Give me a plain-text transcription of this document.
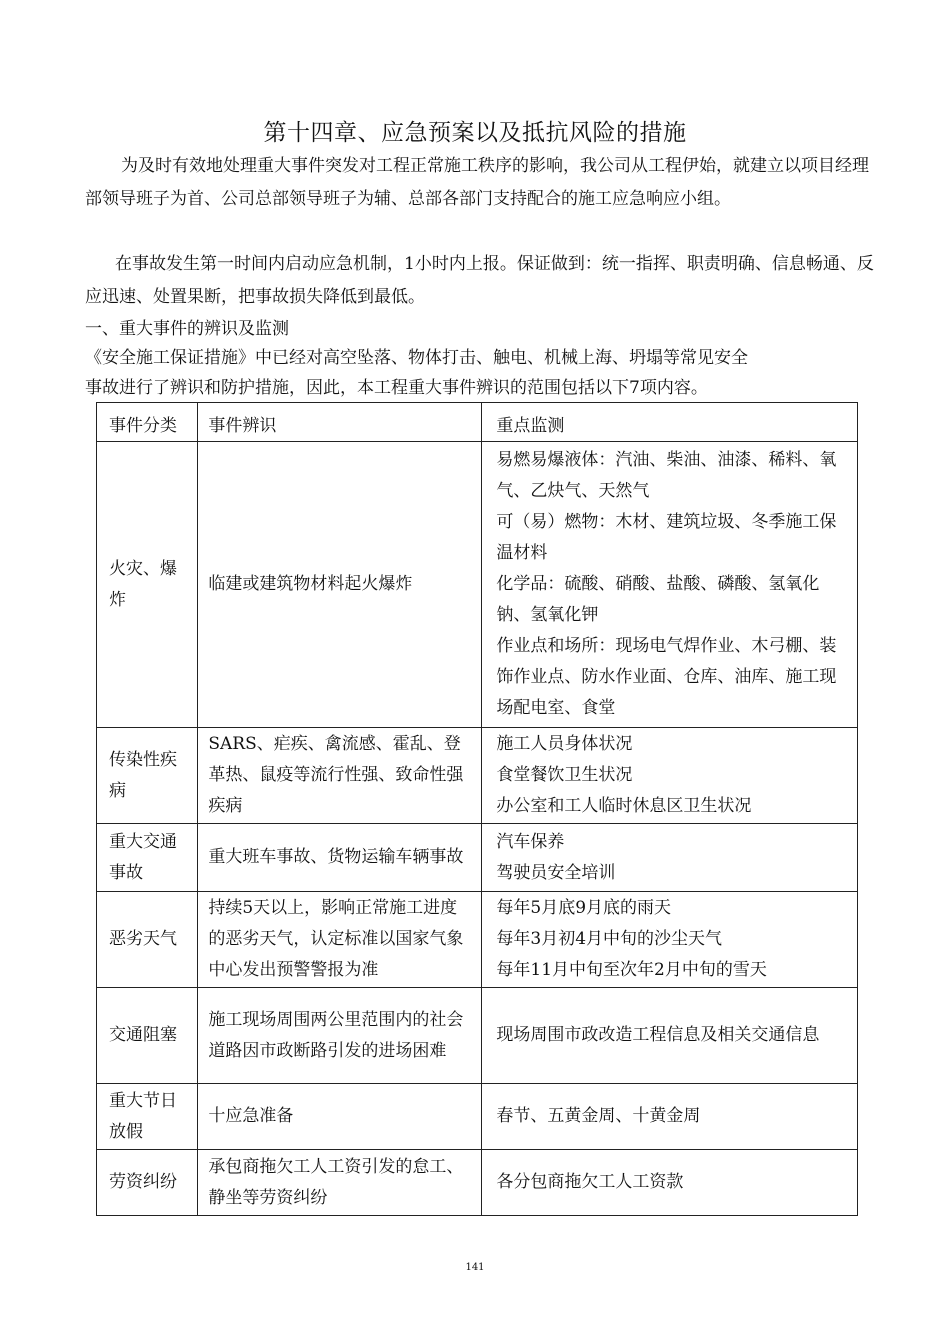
第十四章、应急预案以及抵抗风险的措施
为及时有效地处理重大事件突发对工程正常施工秩序的影响，我公司从工程伊始，就建立以项目经理部领导班子为首、公司总部领导班子为辅、总部各部门支持配合的施工应急响应小组。
在事故发生第一时间内启动应急机制，1小时内上报。保证做到：统一指挥、职责明确、信息畅通、反应迅速、处置果断，把事故损失降低到最低。
一、重大事件的辨识及监测
《安全施工保证措施》中已经对高空坠落、物体打击、触电、机械上海、坍塌等常见安全
事故进行了辨识和防护措施，因此，本工程重大事件辨识的范围包括以下7项内容。
事件分类	事件辨识	重点监测
火灾、爆炸	临建或建筑物材料起火爆炸	易燃易爆液体：汽油、柴油、油漆、稀料、氧气、乙炔气、天然气
可（易）燃物：木材、建筑垃圾、冬季施工保温材料
化学品：硫酸、硝酸、盐酸、磷酸、氢氧化钠、氢氧化钾
作业点和场所：现场电气焊作业、木弓棚、装饰作业点、防水作业面、仓库、油库、施工现场配电室、食堂

传染性疾病	SARS、疟疾、禽流感、霍乱、登革热、鼠疫等流行性强、致命性强疾病	施工人员身体状况
食堂餐饮卫生状况
办公室和工人临时休息区卫生状况

重大交通事故	重大班车事故、货物运输车辆事故	汽车保养
驾驶员安全培训

恶劣天气	持续5天以上，影响正常施工进度的恶劣天气，认定标准以国家气象中心发出预警警报为准	每年5月底9月底的雨天
每年3月初4月中旬的沙尘天气
每年11月中旬至次年2月中旬的雪天

交通阻塞	施工现场周围两公里范围内的社会道路因市政断路引发的进场困难	现场周围市政改造工程信息及相关交通信息

重大节日放假	十应急准备	春节、五黄金周、十黄金周

劳资纠纷	承包商拖欠工人工资引发的怠工、静坐等劳资纠纷	各分包商拖欠工人工资款
141
